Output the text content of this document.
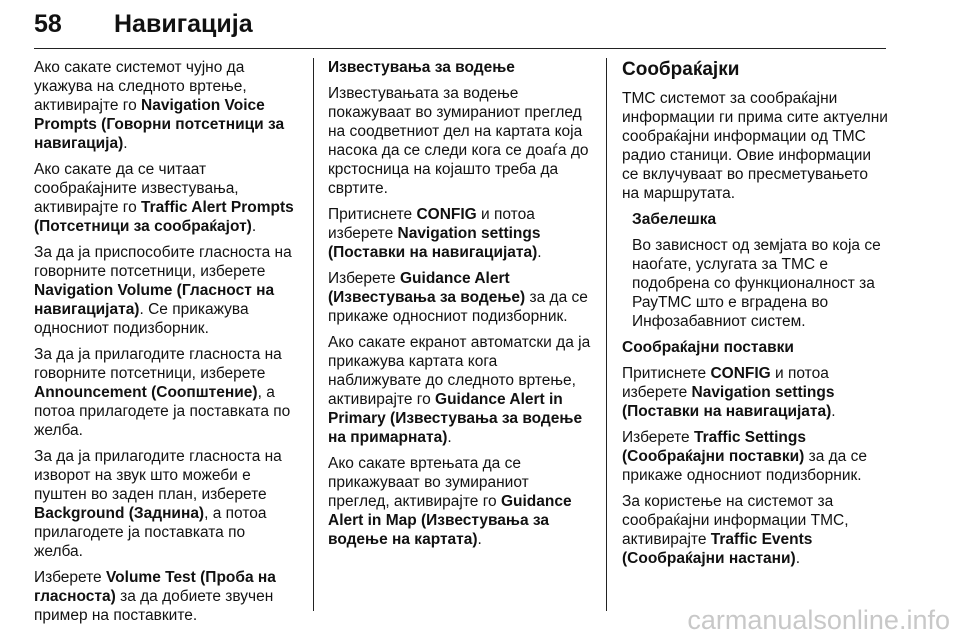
58 Навигација

Ако сакате системот чујно да укажува на следното вртење, активирајте го Navigation Voice Prompts (Говорни потсетници за навигација).

Ако сакате да се читаат сообраќајните известувања, активирајте го Traffic Alert Prompts (Потсетници за сообраќајот).

За да ја приспособите гласноста на говорните потсетници, изберете Navigation Volume (Гласност на навигацијата). Се прикажува односниот подизборник.

За да ја прилагодите гласноста на говорните потсетници, изберете Announcement (Соопштение), а потоа прилагодете ја поставката по желба.

За да ја прилагодите гласноста на изворот на звук што можеби е пуштен во заден план, изберете Background (Заднина), а потоа прилагодете ја поставката по желба.

Изберете Volume Test (Проба на гласноста) за да добиете звучен пример на поставките.

Известувања за водење

Известувањата за водење покажуваат во зумираниот преглед на соодветниот дел на картата која насока да се следи кога се доаѓа до крстосница на којашто треба да свртите.

Притиснете CONFIG и потоа изберете Navigation settings (Поставки на навигацијата).

Изберете Guidance Alert (Известувања за водење) за да се прикаже односниот подизборник.

Ако сакате екранот автоматски да ја прикажува картата кога наближувате до следното вртење, активирајте го Guidance Alert in Primary (Известувања за водење на примарната).

Ако сакате вртењата да се прикажуваат во зумираниот преглед, активирајте го Guidance Alert in Map (Известувања за водење на картата).

Сообраќајки

TMC системот за сообраќајни информации ги прима сите актуелни сообраќајни информации од TMC радио станици. Овие информации се вклучуваат во пресметувањето на маршрутата.

Забелешка

Во зависност од земјата во која се наоѓате, услугата за TMC е подобрена со функционалност за РауТМС што е вградена во Инфозабавниот систем.

Сообраќајни поставки

Притиснете CONFIG и потоа изберете Navigation settings (Поставки на навигацијата).

Изберете Traffic Settings (Сообраќајни поставки) за да се прикаже односниот подизборник.

За користење на системот за сообраќајни информации TMC, активирајте Traffic Events (Сообраќајни настани).

carmanualsonline.info
